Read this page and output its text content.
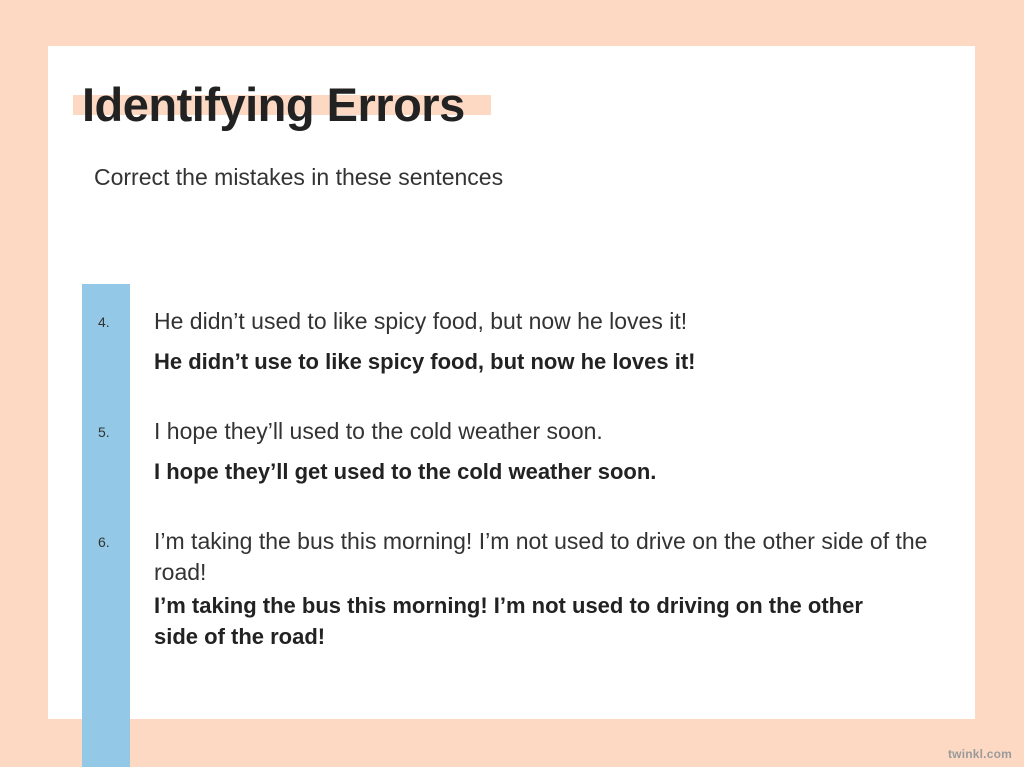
Identifying Errors
Correct the mistakes in these sentences
4. He didn’t used to like spicy food, but now he loves it!
He didn’t use to like spicy food, but now he loves it!
5. I hope they’ll used to the cold weather soon.
I hope they’ll get used to the cold weather soon.
6. I’m taking the bus this morning! I’m not used to drive on the other side of the road!
I’m taking the bus this morning! I’m not used to driving on the other side of the road!
twinkl.com
